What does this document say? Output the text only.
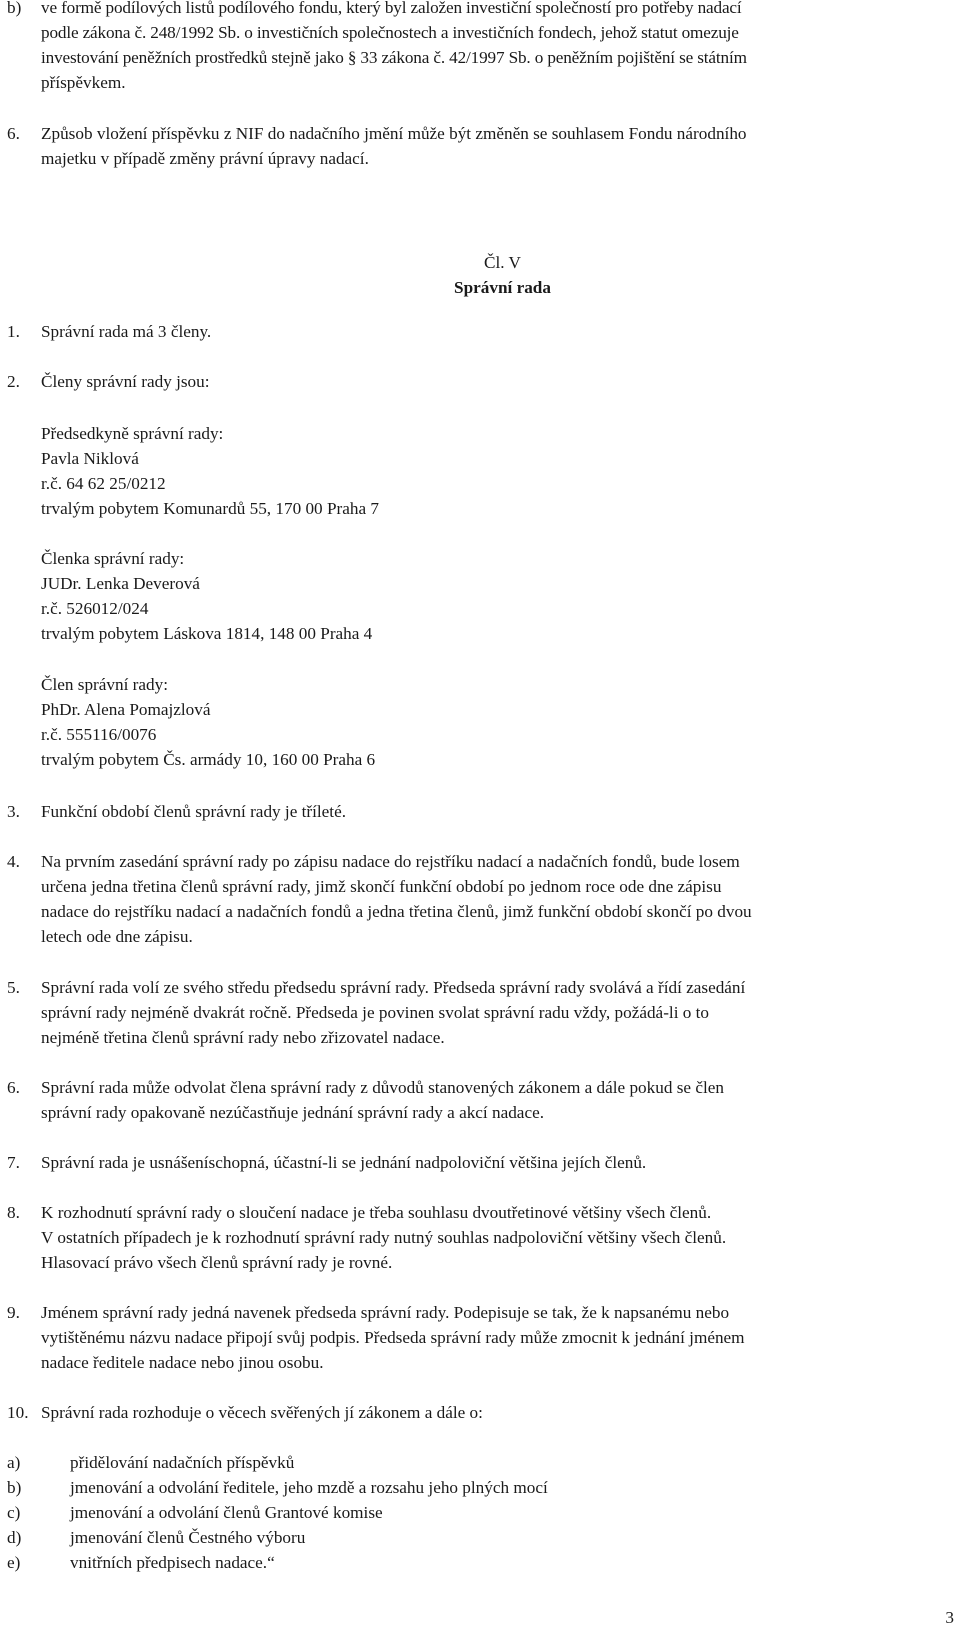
b) ve formě podílových listů podílového fondu, který byl založen investiční společností pro potřeby nadací
podle zákona č. 248/1992 Sb. o investičních společnostech a investičních fondech, jehož statut omezuje
investování peněžních prostředků stejně jako § 33 zákona č. 42/1997 Sb. o peněžním pojištění se státním
příspěvkem.
6. Způsob vložení příspěvku z NIF do nadačního jmění může být změněn se souhlasem Fondu národního
majetku v případě změny právní úpravy nadací.
Čl. V
Správní rada
1. Správní rada má 3 členy.
2. Členy správní rady jsou:
Předsedkyně správní rady:
Pavla Niklová
r.č. 64 62 25/0212
trvalým pobytem Komunardů 55, 170 00 Praha 7
Členka správní rady:
JUDr. Lenka Deverová
r.č. 526012/024
trvalým pobytem Láskova 1814, 148 00 Praha 4
Člen správní rady:
PhDr. Alena Pomajzlová
r.č. 555116/0076
trvalým pobytem Čs. armády 10, 160 00 Praha 6
3. Funkční období členů správní rady je tříleté.
4. Na prvním zasedání správní rady po zápisu nadace do rejstříku nadací a nadačních fondů, bude losem
určena jedna třetina členů správní rady, jimž skončí funkční období po jednom roce ode dne zápisu
nadace do rejstříku nadací a nadačních fondů a jedna třetina členů, jimž funkční období skončí po dvou
letech ode dne zápisu.
5. Správní rada volí ze svého středu předsedu správní rady. Předseda správní rady svolává a řídí zasedání
správní rady nejméně dvakrát ročně. Předseda je povinen svolat správní radu vždy, požádá-li o to
nejméně třetina členů správní rady nebo zřizovatel nadace.
6. Správní rada může odvolat člena správní rady z důvodů stanovených zákonem a dále pokud se člen
správní rady opakovaně nezúčastňuje jednání správní rady a akcí nadace.
7. Správní rada je usnášeníschopná, účastní-li se jednání nadpoloviční většina jejích členů.
8. K rozhodnutí správní rady o sloučení nadace je třeba souhlasu dvoutřetinové většiny všech členů.
V ostatních případech je k rozhodnutí správní rady nutný souhlas nadpoloviční většiny všech členů.
Hlasovací právo všech členů správní rady je rovné.
9. Jménem správní rady jedná navenek předseda správní rady. Podepisuje se tak, že k napsanému nebo
vytištěnému názvu nadace připojí svůj podpis. Předseda správní rady může zmocnit k jednání jménem
nadace ředitele nadace nebo jinou osobu.
10. Správní rada rozhoduje o věcech svěřených jí zákonem a dále o:
a)	přidělování nadačních příspěvků
b)	jmenování a odvolání ředitele, jeho mzdě a rozsahu jeho plných mocí
c)	jmenování a odvolání členů Grantové komise
d)	jmenování členů Čestného výboru
e)	vnitřních předpisech nadace.“
3
